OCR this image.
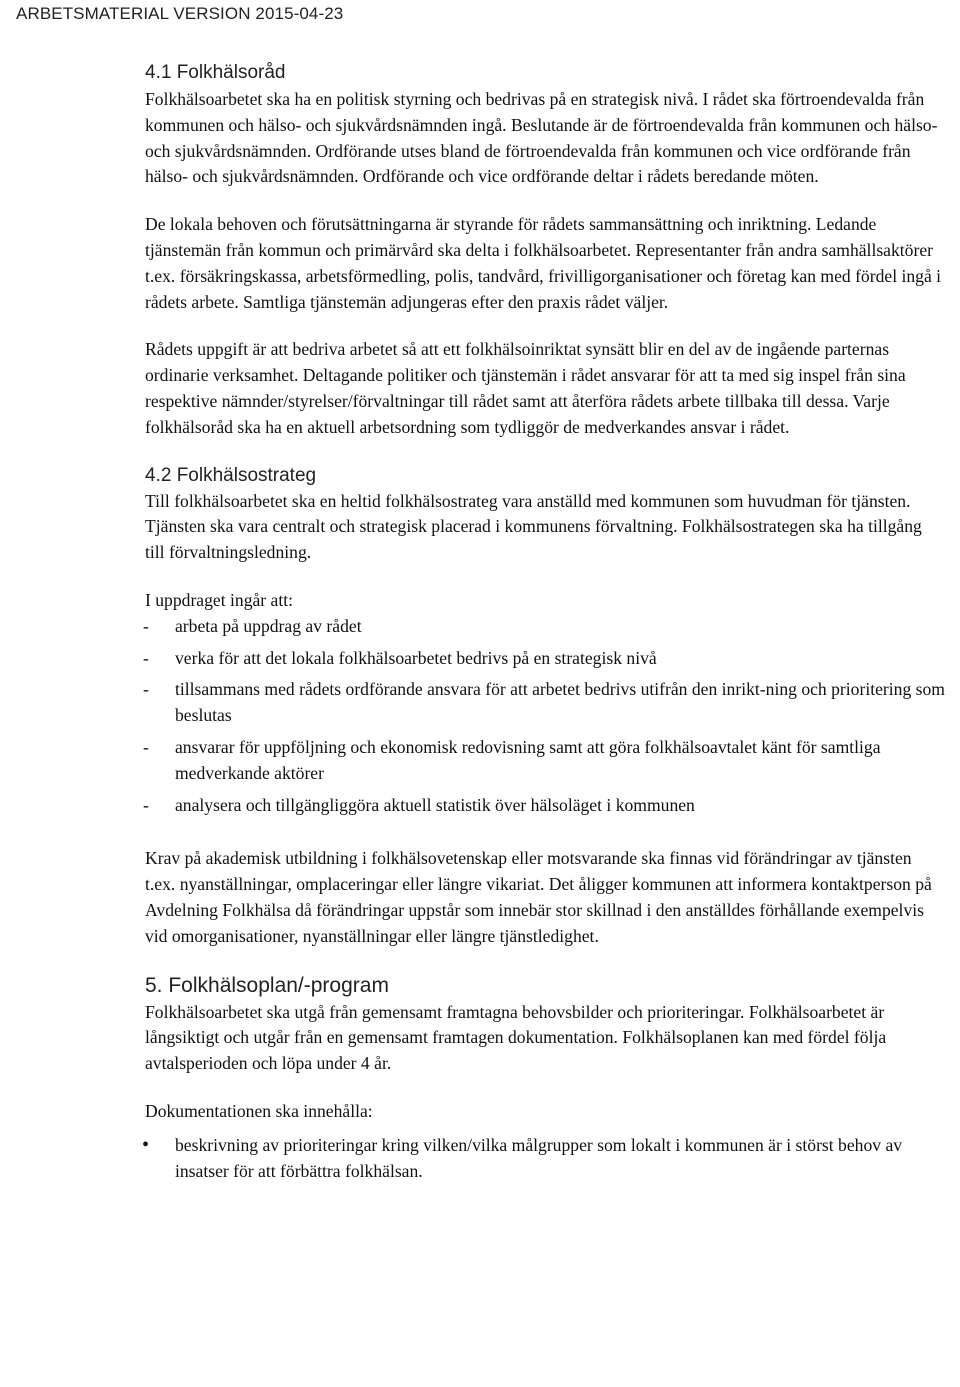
ARBETSMATERIAL VERSION 2015-04-23
4.1 Folkhälsoråd

Folkhälsoarbetet ska ha en politisk styrning och bedrivas på en strategisk nivå. I rådet ska förtroendevalda från kommunen och hälso- och sjukvårdsnämnden ingå. Beslutande är de förtroendevalda från kommunen och hälso- och sjukvårdsnämnden. Ordförande utses bland de förtroendevalda från kommunen och vice ordförande från hälso- och sjukvårdsnämnden. Ordförande och vice ordförande deltar i rådets beredande möten.

De lokala behoven och förutsättningarna är styrande för rådets sammansättning och inriktning. Ledande tjänstemän från kommun och primärvård ska delta i folkhälsoarbetet. Representanter från andra samhällsaktörer t.ex. försäkringskassa, arbetsförmedling, polis, tandvård, frivilligorganisationer och företag kan med fördel ingå i rådets arbete. Samtliga tjänstemän adjungeras efter den praxis rådet väljer.

Rådets uppgift är att bedriva arbetet så att ett folkhälsoinriktat synsätt blir en del av de ingående parternas ordinarie verksamhet. Deltagande politiker och tjänstemän i rådet ansvarar för att ta med sig inspel från sina respektive nämnder/styrelser/förvaltningar till rådet samt att återföra rådets arbete tillbaka till dessa. Varje folkhälsoråd ska ha en aktuell arbetsordning som tydliggör de medverkandes ansvar i rådet.

4.2 Folkhälsostrateg

Till folkhälsoarbetet ska en heltid folkhälsostrateg vara anställd med kommunen som huvudman för tjänsten. Tjänsten ska vara centralt och strategisk placerad i kommunens förvaltning. Folkhälsostrategen ska ha tillgång till förvaltningsledning.

I uppdraget ingår att:

- arbeta på uppdrag av rådet
- verka för att det lokala folkhälsoarbetet bedrivs på en strategisk nivå
- tillsammans med rådets ordförande ansvara för att arbetet bedrivs utifrån den inrikt-ning och prioritering som beslutas
- ansvarar för uppföljning och ekonomisk redovisning samt att göra folkhälsoavtalet känt för samtliga medverkande aktörer
- analysera och tillgängliggöra aktuell statistik över hälsoläget i kommunen

Krav på akademisk utbildning i folkhälsovetenskap eller motsvarande ska finnas vid förändringar av tjänsten t.ex. nyanställningar, omplaceringar eller längre vikariat. Det åligger kommunen att informera kontaktperson på Avdelning Folkhälsa då förändringar uppstår som innebär stor skillnad i den anställdes förhållande exempelvis vid omorganisationer, nyanställningar eller längre tjänstledighet.

5. Folkhälsoplan/-program

Folkhälsoarbetet ska utgå från gemensamt framtagna behovsbilder och prioriteringar. Folkhälsoarbetet är långsiktigt och utgår från en gemensamt framtagen dokumentation. Folkhälsoplanen kan med fördel följa avtalsperioden och löpa under 4 år.

Dokumentationen ska innehålla:

• beskrivning av prioriteringar kring vilken/vilka målgrupper som lokalt i kommunen är i störst behov av insatser för att förbättra folkhälsan.
